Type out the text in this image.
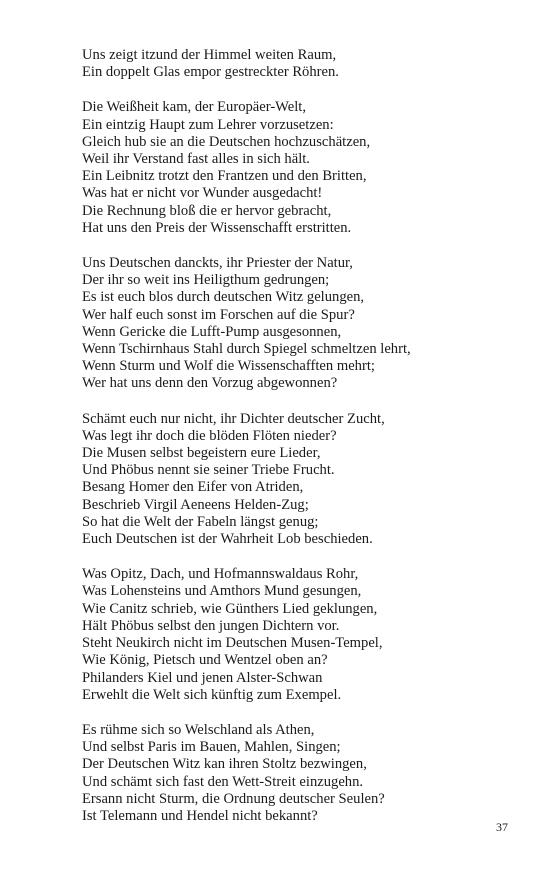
Uns zeigt itzund der Himmel weiten Raum,
Ein doppelt Glas empor gestreckter Röhren.
Die Weißheit kam, der Europäer-Welt,
Ein eintzig Haupt zum Lehrer vorzusetzen:
Gleich hub sie an die Deutschen hochzuschätzen,
Weil ihr Verstand fast alles in sich hält.
Ein Leibnitz trotzt den Frantzen und den Britten,
Was hat er nicht vor Wunder ausgedacht!
Die Rechnung bloß die er hervor gebracht,
Hat uns den Preis der Wissenschafft erstritten.
Uns Deutschen danckts, ihr Priester der Natur,
Der ihr so weit ins Heiligthum gedrungen;
Es ist euch blos durch deutschen Witz gelungen,
Wer half euch sonst im Forschen auf die Spur?
Wenn Gericke die Lufft-Pump ausgesonnen,
Wenn Tschirnhaus Stahl durch Spiegel schmeltzen lehrt,
Wenn Sturm und Wolf die Wissenschafften mehrt;
Wer hat uns denn den Vorzug abgewonnen?
Schämt euch nur nicht, ihr Dichter deutscher Zucht,
Was legt ihr doch die blöden Flöten nieder?
Die Musen selbst begeistern eure Lieder,
Und Phöbus nennt sie seiner Triebe Frucht.
Besang Homer den Eifer von Atriden,
Beschrieb Virgil Aeneens Helden-Zug;
So hat die Welt der Fabeln längst genug;
Euch Deutschen ist der Wahrheit Lob beschieden.
Was Opitz, Dach, und Hofmannswaldaus Rohr,
Was Lohensteins und Amthors Mund gesungen,
Wie Canitz schrieb, wie Günthers Lied geklungen,
Hält Phöbus selbst den jungen Dichtern vor.
Steht Neukirch nicht im Deutschen Musen-Tempel,
Wie König, Pietsch und Wentzel oben an?
Philanders Kiel und jenen Alster-Schwan
Erwehlt die Welt sich künftig zum Exempel.
Es rühme sich so Welschland als Athen,
Und selbst Paris im Bauen, Mahlen, Singen;
Der Deutschen Witz kan ihren Stoltz bezwingen,
Und schämt sich fast den Wett-Streit einzugehn.
Ersann nicht Sturm, die Ordnung deutscher Seulen?
Ist Telemann und Hendel nicht bekannt?
37
